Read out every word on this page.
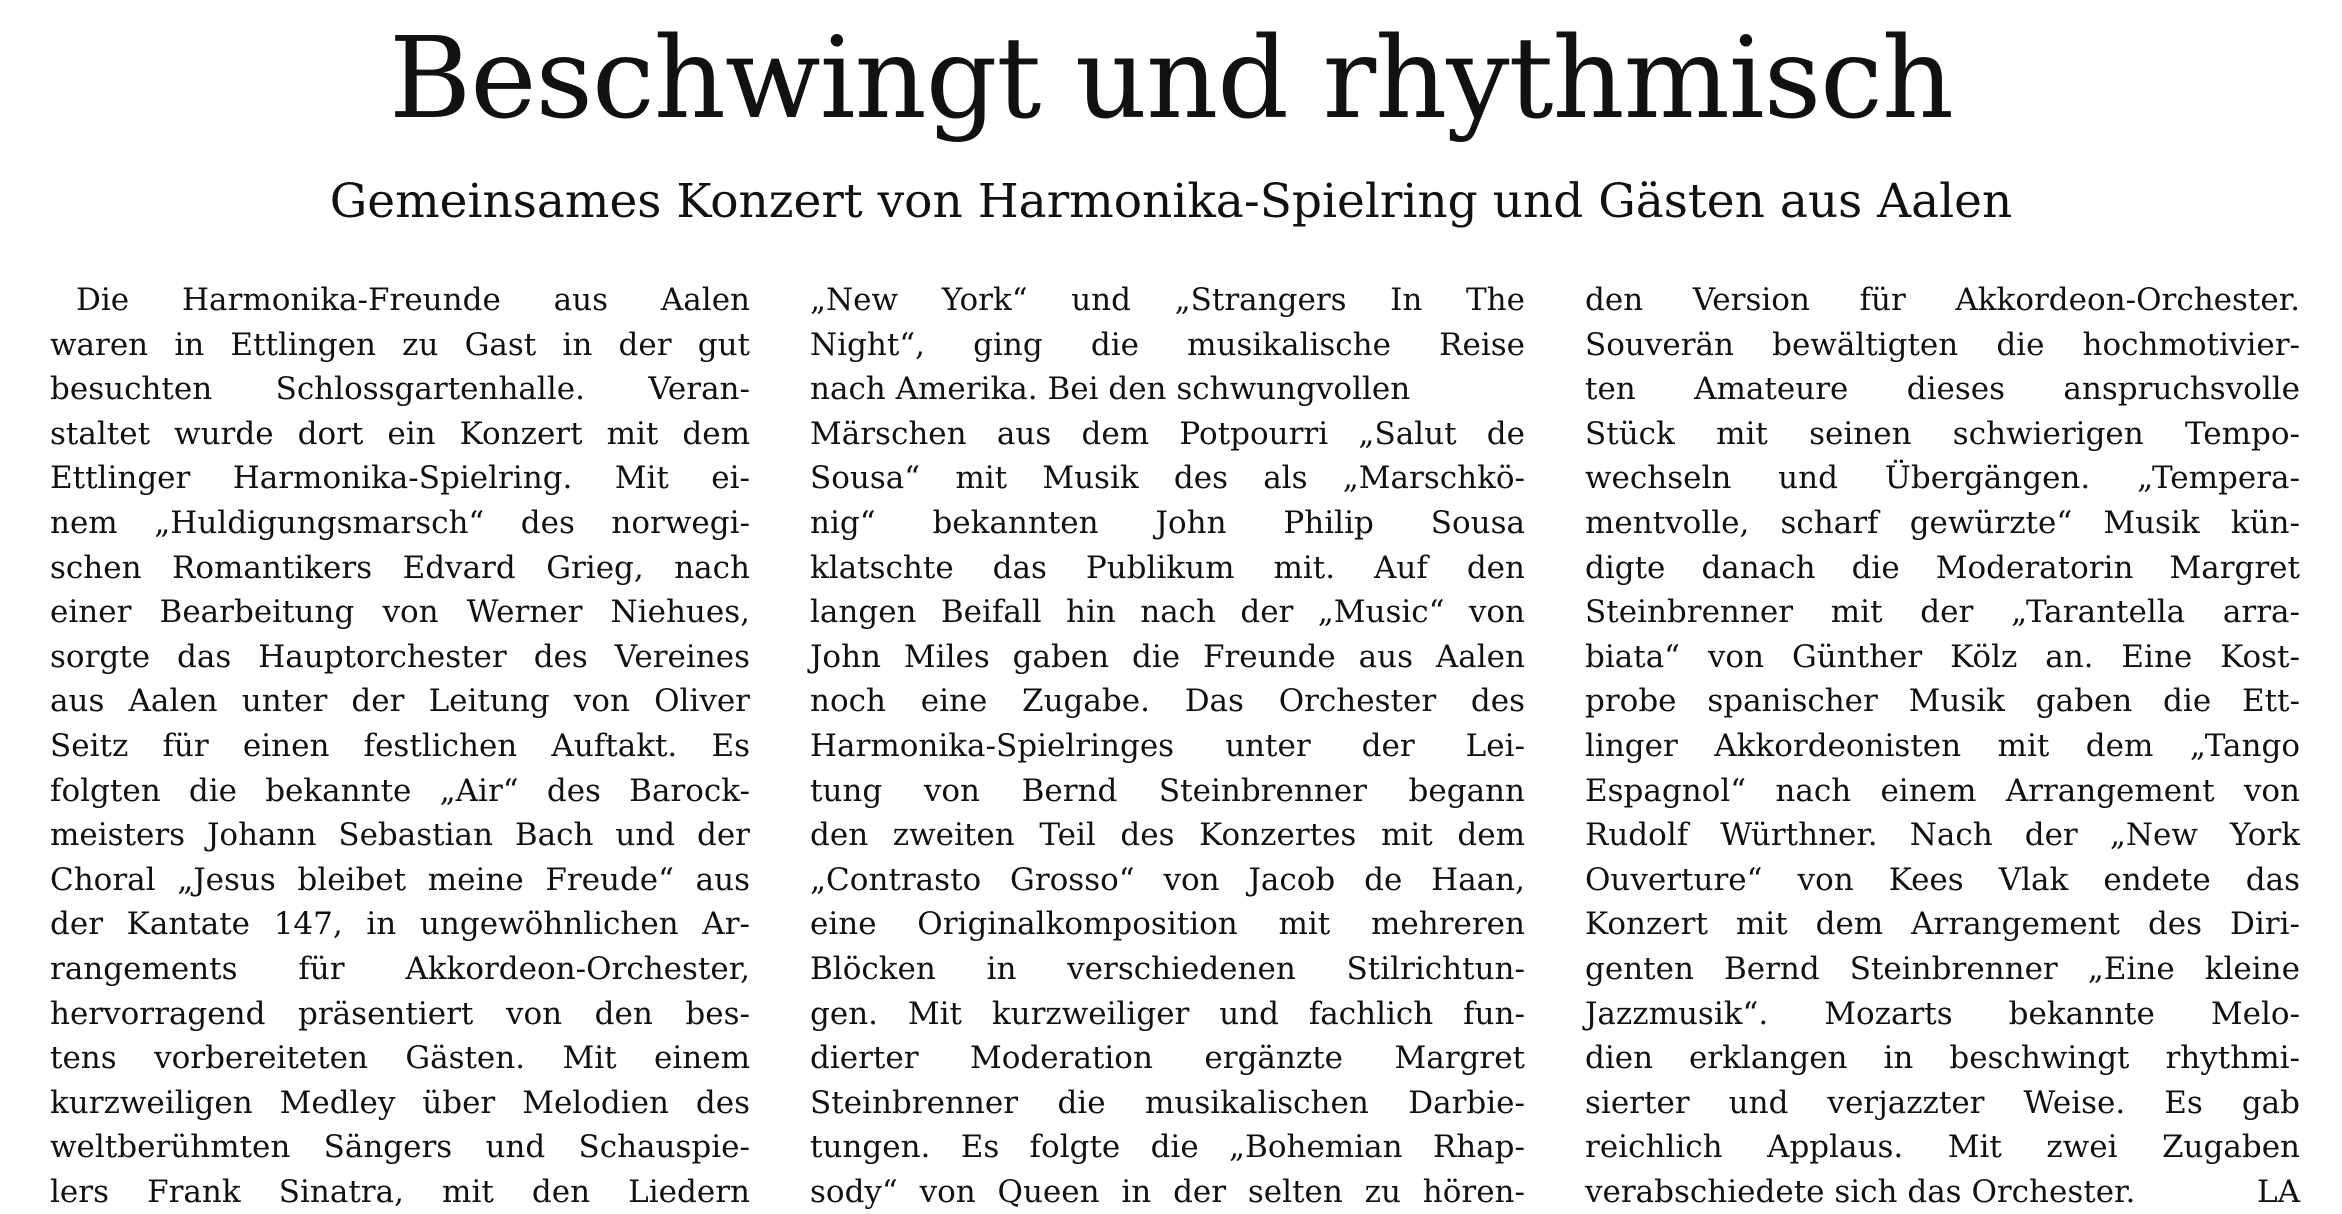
Beschwingt und rhythmisch
Gemeinsames Konzert von Harmonika-Spielring und Gästen aus Aalen
Die Harmonika-Freunde aus Aalen
waren in Ettlingen zu Gast in der gut
besuchten Schlossgartenhalle. Veran-
staltet wurde dort ein Konzert mit dem
Ettlinger Harmonika-Spielring. Mit ei-
nem „Huldigungsmarsch“ des norwegi-
schen Romantikers Edvard Grieg, nach
einer Bearbeitung von Werner Niehues,
sorgte das Hauptorchester des Vereines
aus Aalen unter der Leitung von Oliver
Seitz für einen festlichen Auftakt. Es
folgten die bekannte „Air“ des Barock-
meisters Johann Sebastian Bach und der
Choral „Jesus bleibet meine Freude“ aus
der Kantate 147, in ungewöhnlichen Ar-
rangements für Akkordeon-Orchester,
hervorragend präsentiert von den bes-
tens vorbereiteten Gästen. Mit einem
kurzweiligen Medley über Melodien des
weltberühmten Sängers und Schauspie-
lers Frank Sinatra, mit den Liedern
„New York“ und „Strangers In The
Night“, ging die musikalische Reise
nach Amerika. Bei den schwungvollen
Märschen aus dem Potpourri „Salut de
Sousa“ mit Musik des als „Marschkö-
nig“ bekannten John Philip Sousa
klatschte das Publikum mit. Auf den
langen Beifall hin nach der „Music“ von
John Miles gaben die Freunde aus Aalen
noch eine Zugabe. Das Orchester des
Harmonika-Spielringes unter der Lei-
tung von Bernd Steinbrenner begann
den zweiten Teil des Konzertes mit dem
„Contrasto Grosso“ von Jacob de Haan,
eine Originalkomposition mit mehreren
Blöcken in verschiedenen Stilrichtun-
gen. Mit kurzweiliger und fachlich fun-
dierter Moderation ergänzte Margret
Steinbrenner die musikalischen Darbie-
tungen. Es folgte die „Bohemian Rhap-
sody“ von Queen in der selten zu hören-
den Version für Akkordeon-Orchester.
Souverän bewältigten die hochmotivier-
ten Amateure dieses anspruchsvolle
Stück mit seinen schwierigen Tempo-
wechseln und Übergängen. „Tempera-
mentvolle, scharf gewürzte“ Musik kün-
digte danach die Moderatorin Margret
Steinbrenner mit der „Tarantella arra-
biata“ von Günther Kölz an. Eine Kost-
probe spanischer Musik gaben die Ett-
linger Akkordeonisten mit dem „Tango
Espagnol“ nach einem Arrangement von
Rudolf Würthner. Nach der „New York
Ouverture“ von Kees Vlak endete das
Konzert mit dem Arrangement des Diri-
genten Bernd Steinbrenner „Eine kleine
Jazzmusik“. Mozarts bekannte Melo-
dien erklangen in beschwingt rhythmi-
sierter und verjazzter Weise. Es gab
reichlich Applaus. Mit zwei Zugaben
verabschiedete sich das Orchester.	LA
